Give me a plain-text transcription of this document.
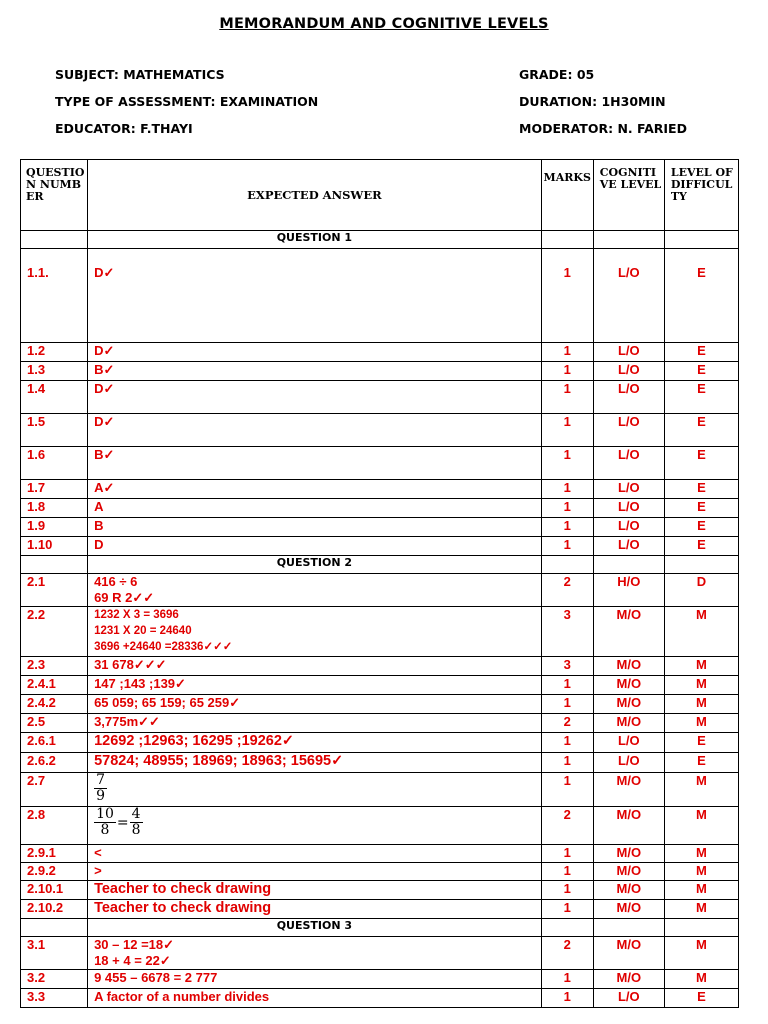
MEMORANDUM AND COGNITIVE LEVELS
SUBJECT: MATHEMATICS	GRADE: 05
TYPE OF ASSESSMENT: EXAMINATION	DURATION: 1H30MIN
EDUCATOR: F.THAYI	MODERATOR: N. FARIED
QUESTION NUMBER	EXPECTED ANSWER	MARKS	COGNITIVE LEVEL	LEVEL OF DIFFICULTY
	QUESTION 1			
1.1.	D✓	1	L/O	E
1.2	D✓	1	L/O	E
1.3	B✓	1	L/O	E
1.4	D✓	1	L/O	E
1.5	D✓	1	L/O	E
1.6	B✓	1	L/O	E
1.7	A✓	1	L/O	E
1.8	A	1	L/O	E
1.9	B	1	L/O	E
1.10	D	1	L/O	E
	QUESTION 2			
2.1	416 ÷ 6
69 R 2✓✓	2	H/O	D
2.2	1232 X 3 = 3696
1231 X 20 = 24640
3696 +24640 =28336✓✓✓	3	M/O	M
2.3	31 678✓✓✓	3	M/O	M
2.4.1	147 ;143 ;139✓	1	M/O	M
2.4.2	65 059; 65 159; 65 259✓	1	M/O	M
2.5	3,775m✓✓	2	M/O	M
2.6.1	12692 ;12963; 16295 ;19262✓	1	L/O	E
2.6.2	57824; 48955; 18969; 18963; 15695✓	1	L/O	E
2.7	$\frac{7}{9}$	1	M/O	M
2.8	$\frac{10}{8} = \frac{4}{8}$	2	M/O	M
2.9.1	<	1	M/O	M
2.9.2	>	1	M/O	M
2.10.1	Teacher to check drawing	1	M/O	M
2.10.2	Teacher to check drawing	1	M/O	M
	QUESTION 3			
3.1	30 – 12 =18✓
18 + 4 = 22✓	2	M/O	M
3.2	9 455 – 6678 = 2 777	1	M/O	M
3.3	A factor of a number divides	1	L/O	E
